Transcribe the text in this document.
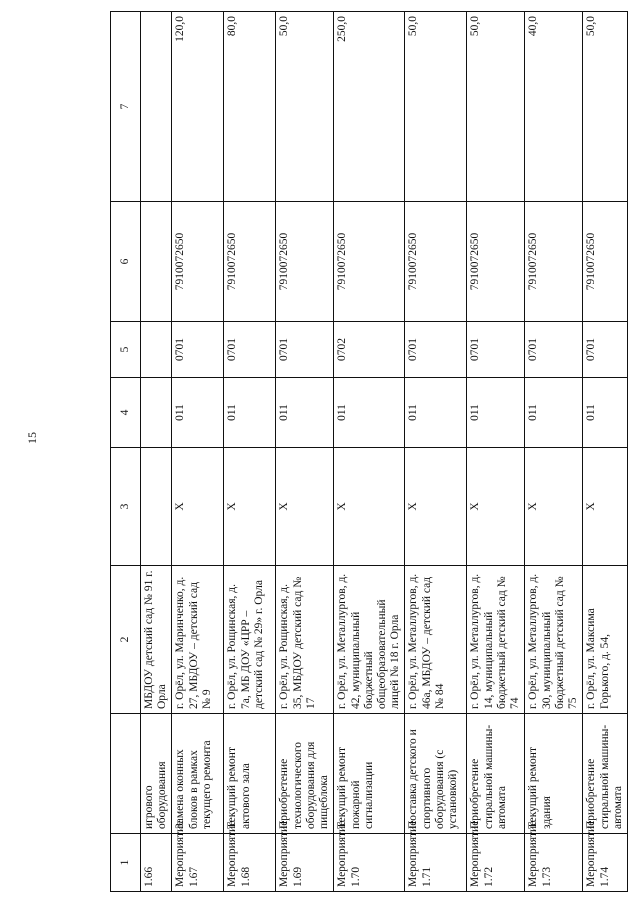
15
1		2	3	4	5	6	7
1.66	игрового оборудования	МБДОУ детский сад № 91 г. Орла					
Мероприятие 1.67	Замена оконных блоков в рамках текущего ремонта	г. Орёл, ул. Маринченко, д. 27, МБДОУ – детский сад № 9	X	011	0701	7910072650	120,0
Мероприятие 1.68	Текущий ремонт актового зала	г. Орёл, ул. Рощинская, д. 7а, МБ ДОУ «ЦРР – детский сад № 29» г. Орла	X	011	0701	7910072650	80,0
Мероприятие 1.69	Приобретение технологического оборудования для пищеблока	г. Орёл, ул. Рощинская, д. 35, МБДОУ детский сад № 17	X	011	0701	7910072650	50,0
Мероприятие 1.70	Текущий ремонт пожарной сигнализации	г. Орёл, ул. Металлургов, д. 42, муниципальный бюджетный общеобразовательный лицей № 18 г. Орла	X	011	0702	7910072650	250,0
Мероприятие 1.71	Поставка детского и спортивного оборудования (с установкой)	г. Орёл, ул. Металлургов, д. 46а, МБДОУ – детский сад № 84	X	011	0701	7910072650	50,0
Мероприятие 1.72	Приобретение стиральной машины-автомата	г. Орёл, ул. Металлургов, д. 14, муниципальный бюджетный детский сад № 74	X	011	0701	7910072650	50,0
Мероприятие 1.73	Текущий ремонт здания	г. Орёл, ул. Металлургов, д. 30, муниципальный бюджетный детский сад № 75	X	011	0701	7910072650	40,0
Мероприятие 1.74	Приобретение стиральной машины-автомата	г. Орёл, ул. Максима Горького, д. 54,	X	011	0701	7910072650	50,0
